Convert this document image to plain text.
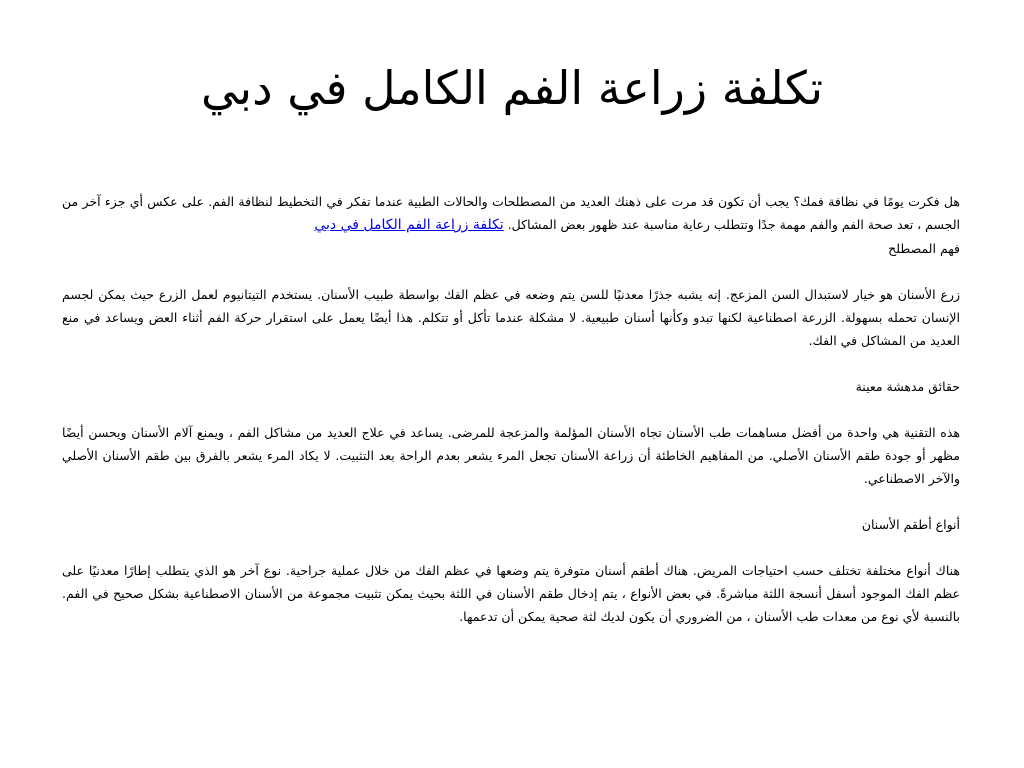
تكلفة زراعة الفم الكامل في دبي

هل فكرت يومًا في نظافة فمك؟ يجب أن تكون قد مرت على ذهنك العديد من المصطلحات والحالات الطبية عندما تفكر في التخطيط لنظافة الفم. على عكس أي جزء آخر من الجسم ، تعد صحة الفم والفم مهمة جدًا وتتطلب رعاية مناسبة عند ظهور بعض المشاكل. تكلفة زراعة الفم الكامل في دبي

فهم المصطلح

زرع الأسنان هو خيار لاستبدال السن المزعج. إنه يشبه جذرًا معدنيًا للسن يتم وضعه في عظم الفك بواسطة طبيب الأسنان. يستخدم التيتانيوم لعمل الزرع حيث يمكن لجسم الإنسان تحمله بسهولة. الزرعة اصطناعية لكنها تبدو وكأنها أسنان طبيعية. لا مشكلة عندما تأكل أو تتكلم. هذا أيضًا يعمل على استقرار حركة الفم أثناء العض ويساعد في منع العديد من المشاكل في الفك.

حقائق مدهشة معينة

هذه التقنية هي واحدة من أفضل مساهمات طب الأسنان تجاه الأسنان المؤلمة والمزعجة للمرضى. يساعد في علاج العديد من مشاكل الفم ، ويمنع آلام الأسنان ويحسن أيضًا مظهر أو جودة طقم الأسنان الأصلي. من المفاهيم الخاطئة أن زراعة الأسنان تجعل المرء يشعر بعدم الراحة بعد التثبيت. لا يكاد المرء يشعر بالفرق بين طقم الأسنان الأصلي والآخر الاصطناعي.

أنواع أطقم الأسنان

هناك أنواع مختلفة تختلف حسب احتياجات المريض. هناك أطقم أسنان متوفرة يتم وضعها في عظم الفك من خلال عملية جراحية. نوع آخر هو الذي يتطلب إطارًا معدنيًا على عظم الفك الموجود أسفل أنسجة اللثة مباشرةً. في بعض الأنواع ، يتم إدخال طقم الأسنان في اللثة بحيث يمكن تثبيت مجموعة من الأسنان الاصطناعية بشكل صحيح في الفم. بالنسبة لأي نوع من معدات طب الأسنان ، من الضروري أن يكون لديك لثة صحية يمكن أن تدعمها.
